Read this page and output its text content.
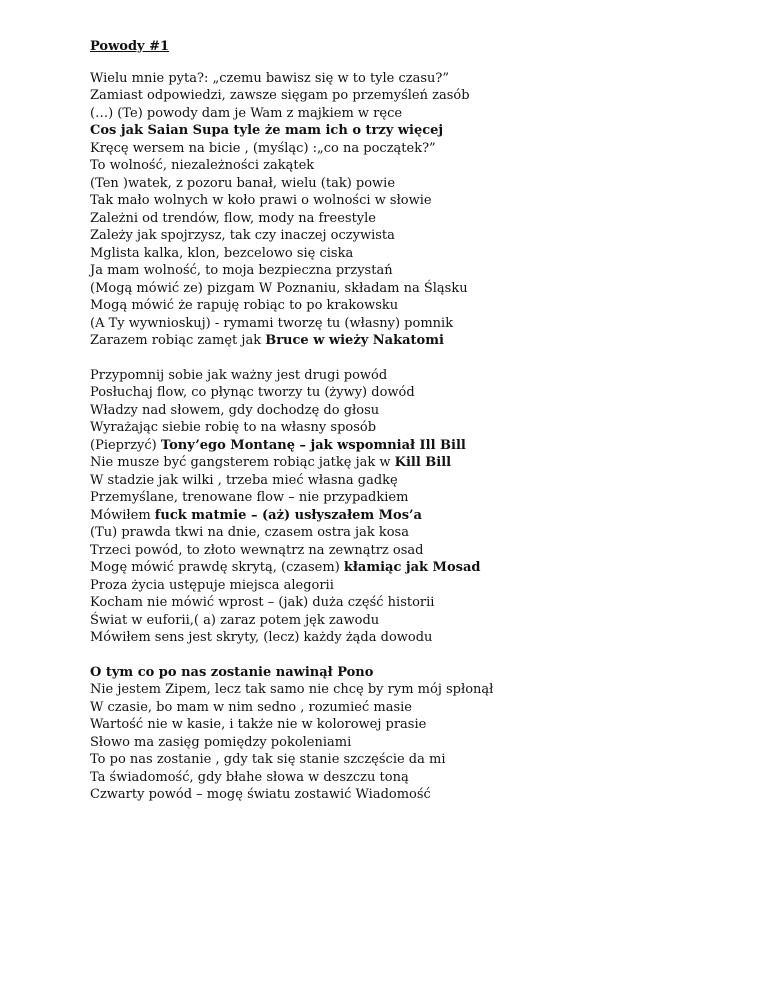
Powody #1
Wielu mnie pyta?: „czemu bawisz się w to tyle czasu?”
Zamiast odpowiedzi, zawsze sięgam po przemyśleń zasób
(…) (Te) powody dam je Wam z majkiem w ręce
Cos jak Saian Supa tyle że mam ich o trzy więcej
Kręcę wersem na bicie , (myśląc) :„co na początek?”
To wolność, niezależności zakątek
(Ten )watek, z pozoru banał, wielu (tak) powie
Tak mało wolnych w koło prawi o wolności w słowie
Zależni od trendów, flow, mody na freestyle
Zależy jak spojrzysz, tak czy inaczej oczywista
Mglista kalka, klon, bezcelowo się ciska
Ja mam wolność, to moja bezpieczna przystań
(Mogą mówić ze) pizgam W Poznaniu, składam na Śląsku
Mogą mówić że rapuję robiąc to po krakowsku
(A Ty wywnioskuj) - rymami tworzę tu (własny) pomnik
Zarazem robiąc zamęt jak Bruce w wieży Nakatomi
Przypomnij sobie jak ważny jest drugi powód
Posłuchaj flow, co płynąc tworzy tu (żywy) dowód
Władzy nad słowem, gdy dochodzę do głosu
Wyrażając siebie robię to na własny sposób
(Pieprzyć) Tony’ego Montanę – jak wspomniał Ill Bill
Nie musze być gangsterem robiąc jatkę jak w Kill Bill
W stadzie jak wilki , trzeba mieć własna gadkę
Przemyślane, trenowane flow – nie przypadkiem
Mówiłem fuck matmie – (aż) usłyszałem Mos’a
(Tu) prawda tkwi na dnie, czasem ostra jak kosa
Trzeci powód, to złoto wewnątrz na zewnątrz osad
Mogę mówić prawdę skrytą, (czasem) kłamiąc jak Mosad
Proza życia ustępuje miejsca alegorii
Kocham nie mówić wprost – (jak) duża część historii
Świat w euforii,( a) zaraz potem jęk zawodu
Mówiłem sens jest skryty, (lecz) każdy żąda dowodu
O tym co po nas zostanie nawinął Pono
Nie jestem Zipem, lecz tak samo nie chcę by rym mój spłonął
W czasie, bo mam w nim sedno , rozumieć masie
Wartość nie w kasie, i także nie w kolorowej prasie
Słowo ma zasięg pomiędzy pokoleniami
To po nas zostanie , gdy tak się stanie szczęście da mi
Ta świadomość, gdy błahe słowa w deszczu toną
Czwarty powód – mogę światu zostawić Wiadomość
